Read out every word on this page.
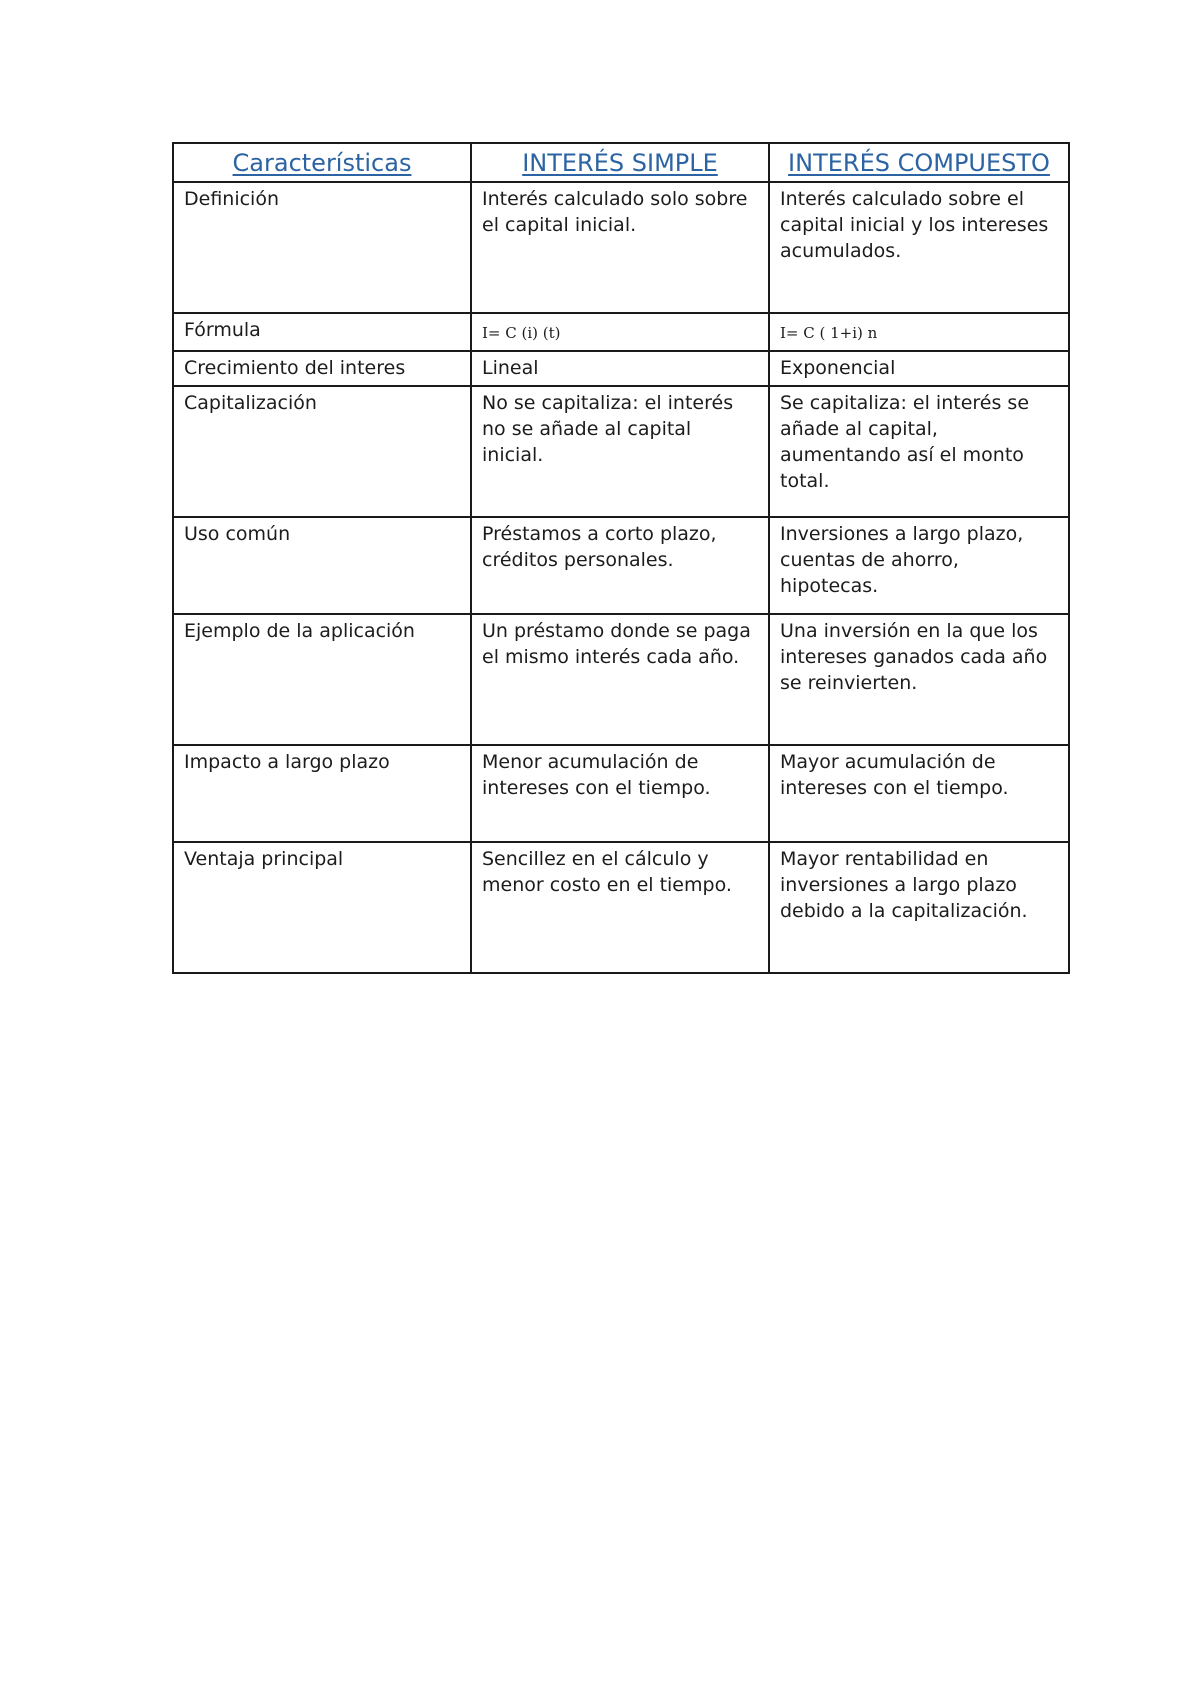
Características	INTERÉS SIMPLE	INTERÉS COMPUESTO
Definición	Interés calculado solo sobre el capital inicial.	Interés calculado sobre el capital inicial y los intereses acumulados.
Fórmula	I= C (i) (t)	I= C ( 1+i) n
Crecimiento del interes	Lineal	Exponencial
Capitalización	No se capitaliza: el interés no se añade al capital inicial.	Se capitaliza: el interés se añade al capital, aumentando así el monto total.
Uso común	Préstamos a corto plazo, créditos personales.	Inversiones a largo plazo, cuentas de ahorro, hipotecas.
Ejemplo de la aplicación	Un préstamo donde se paga el mismo interés cada año.	Una inversión en la que los intereses ganados cada año se reinvierten.
Impacto a largo plazo	Menor acumulación de intereses con el tiempo.	Mayor acumulación de intereses con el tiempo.
Ventaja principal	Sencillez en el cálculo y menor costo en el tiempo.	Mayor rentabilidad en inversiones a largo plazo debido a la capitalización.
